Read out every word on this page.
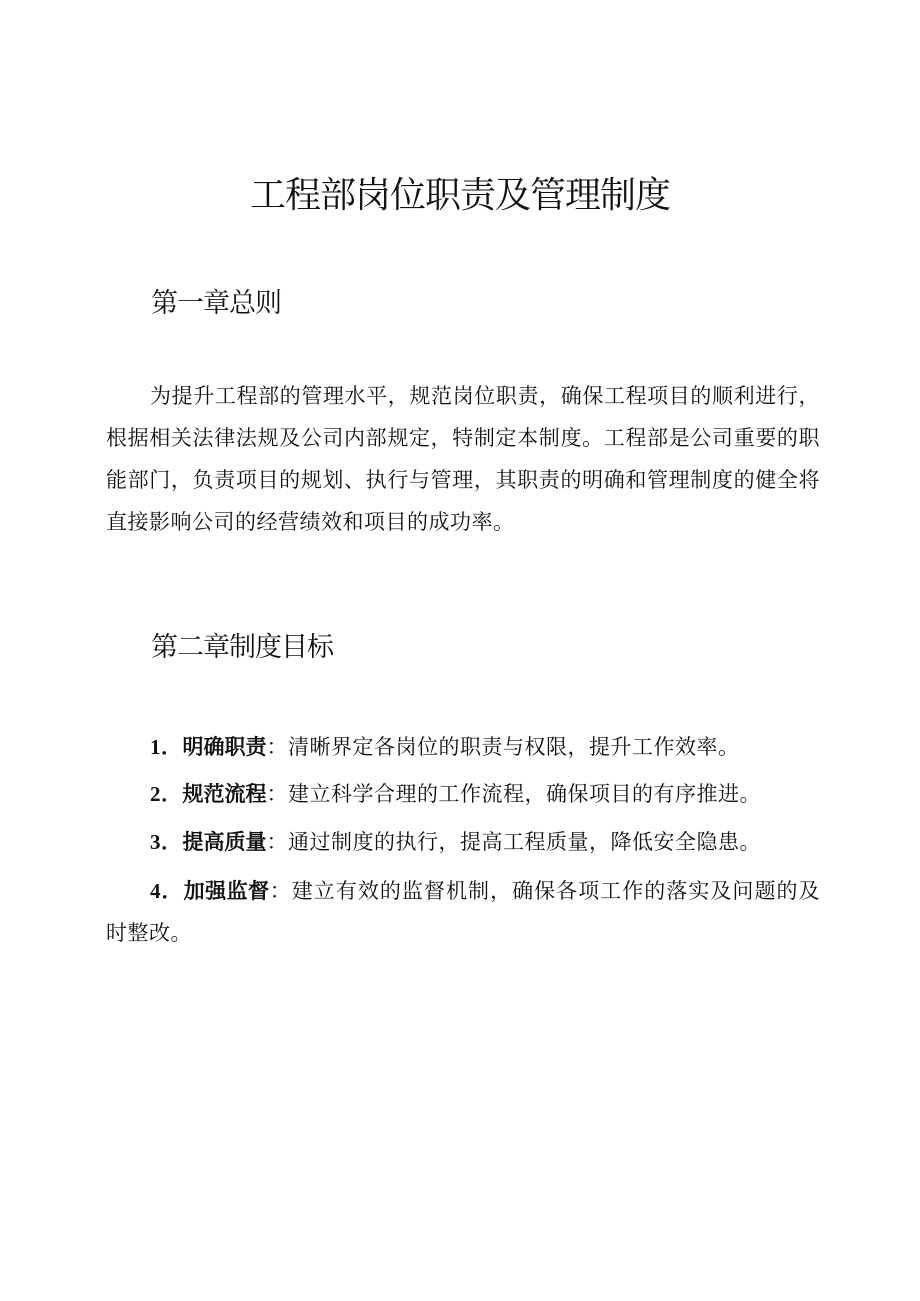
工程部岗位职责及管理制度
第一章总则

为提升工程部的管理水平，规范岗位职责，确保工程项目的顺利进行，根据相关法律法规及公司内部规定，特制定本制度。工程部是公司重要的职能部门，负责项目的规划、执行与管理，其职责的明确和管理制度的健全将直接影响公司的经营绩效和项目的成功率。

第二章制度目标

1．明确职责：清晰界定各岗位的职责与权限，提升工作效率。

2．规范流程：建立科学合理的工作流程，确保项目的有序推进。

3．提高质量：通过制度的执行，提高工程质量，降低安全隐患。

4．加强监督：建立有效的监督机制，确保各项工作的落实及问题的及时整改。
